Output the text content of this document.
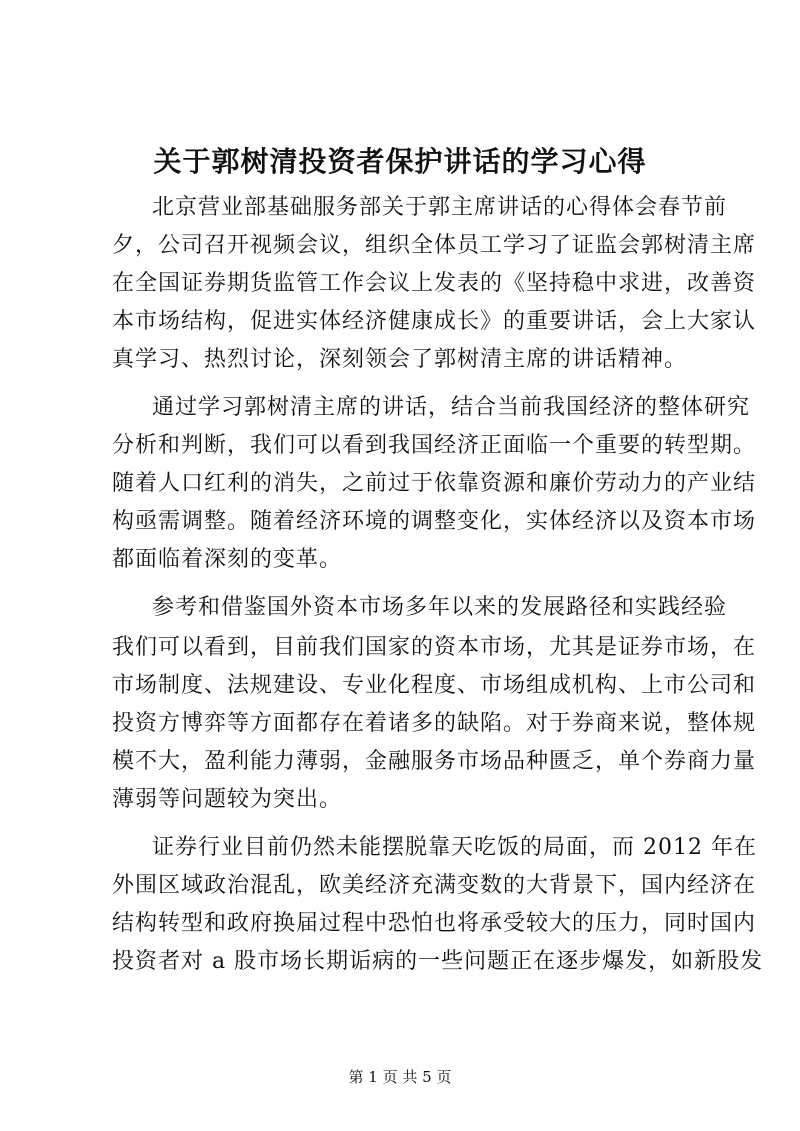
关于郭树清投资者保护讲话的学习心得

北京营业部基础服务部关于郭主席讲话的心得体会春节前

夕，公司召开视频会议，组织全体员工学习了证监会郭树清主席

在全国证券期货监管工作会议上发表的《坚持稳中求进，改善资

本市场结构，促进实体经济健康成长》的重要讲话，会上大家认

真学习、热烈讨论，深刻领会了郭树清主席的讲话精神。

通过学习郭树清主席的讲话，结合当前我国经济的整体研究

分析和判断，我们可以看到我国经济正面临一个重要的转型期。

随着人口红利的消失，之前过于依靠资源和廉价劳动力的产业结

构亟需调整。随着经济环境的调整变化，实体经济以及资本市场

都面临着深刻的变革。

参考和借鉴国外资本市场多年以来的发展路径和实践经验

我们可以看到，目前我们国家的资本市场，尤其是证券市场，在

市场制度、法规建设、专业化程度、市场组成机构、上市公司和

投资方博弈等方面都存在着诸多的缺陷。对于券商来说，整体规

模不大，盈利能力薄弱，金融服务市场品种匮乏，单个券商力量

薄弱等问题较为突出。

证券行业目前仍然未能摆脱靠天吃饭的局面，而 2012 年在

外围区域政治混乱，欧美经济充满变数的大背景下，国内经济在

结构转型和政府换届过程中恐怕也将承受较大的压力，同时国内

投资者对 a 股市场长期诟病的一些问题正在逐步爆发，如新股发

第 1 页 共 5 页
